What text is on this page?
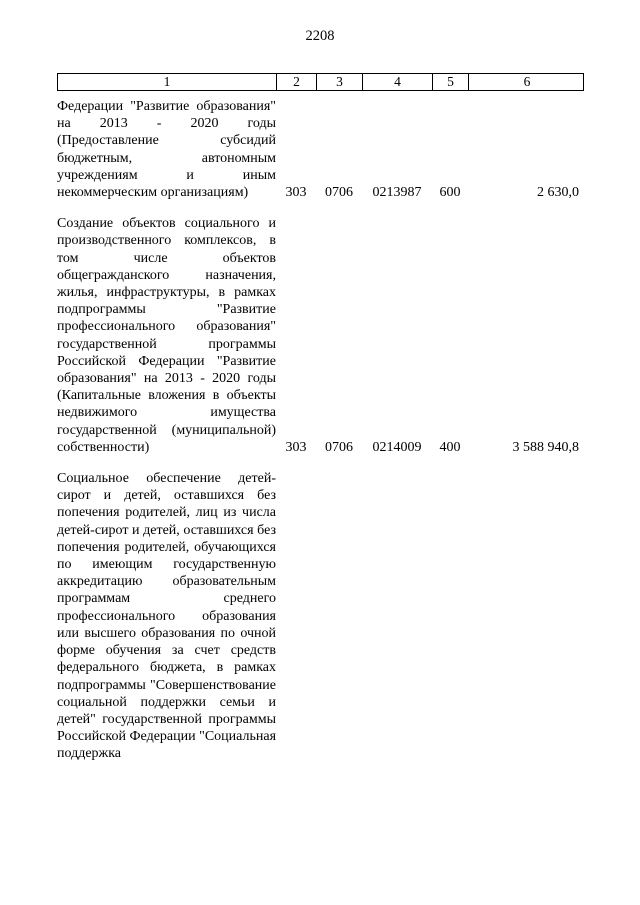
2208
1	2	3	4	5	6
Федерации "Развитие образования" на 2013 - 2020 годы (Предоставление субсидий бюджетным, автономным учреждениям и иным некоммерческим организациям)	303	0706	0213987	600	2 630,0
Создание объектов социального и производственного комплексов, в том числе объектов общегражданского назначения, жилья, инфраструктуры, в рамках подпрограммы "Развитие профессионального образования" государственной программы Российской Федерации "Развитие образования" на 2013 - 2020 годы (Капитальные вложения в объекты недвижимого имущества государственной (муниципальной) собственности)	303	0706	0214009	400	3 588 940,8
Социальное обеспечение детей-сирот и детей, оставшихся без попечения родителей, лиц из числа детей-сирот и детей, оставшихся без попечения родителей, обучающихся по имеющим государственную аккредитацию образовательным программам среднего профессионального образования или высшего образования по очной форме обучения за счет средств федерального бюджета, в рамках подпрограммы "Совершенствование социальной поддержки семьи и детей" государственной программы Российской Федерации "Социальная поддержка
